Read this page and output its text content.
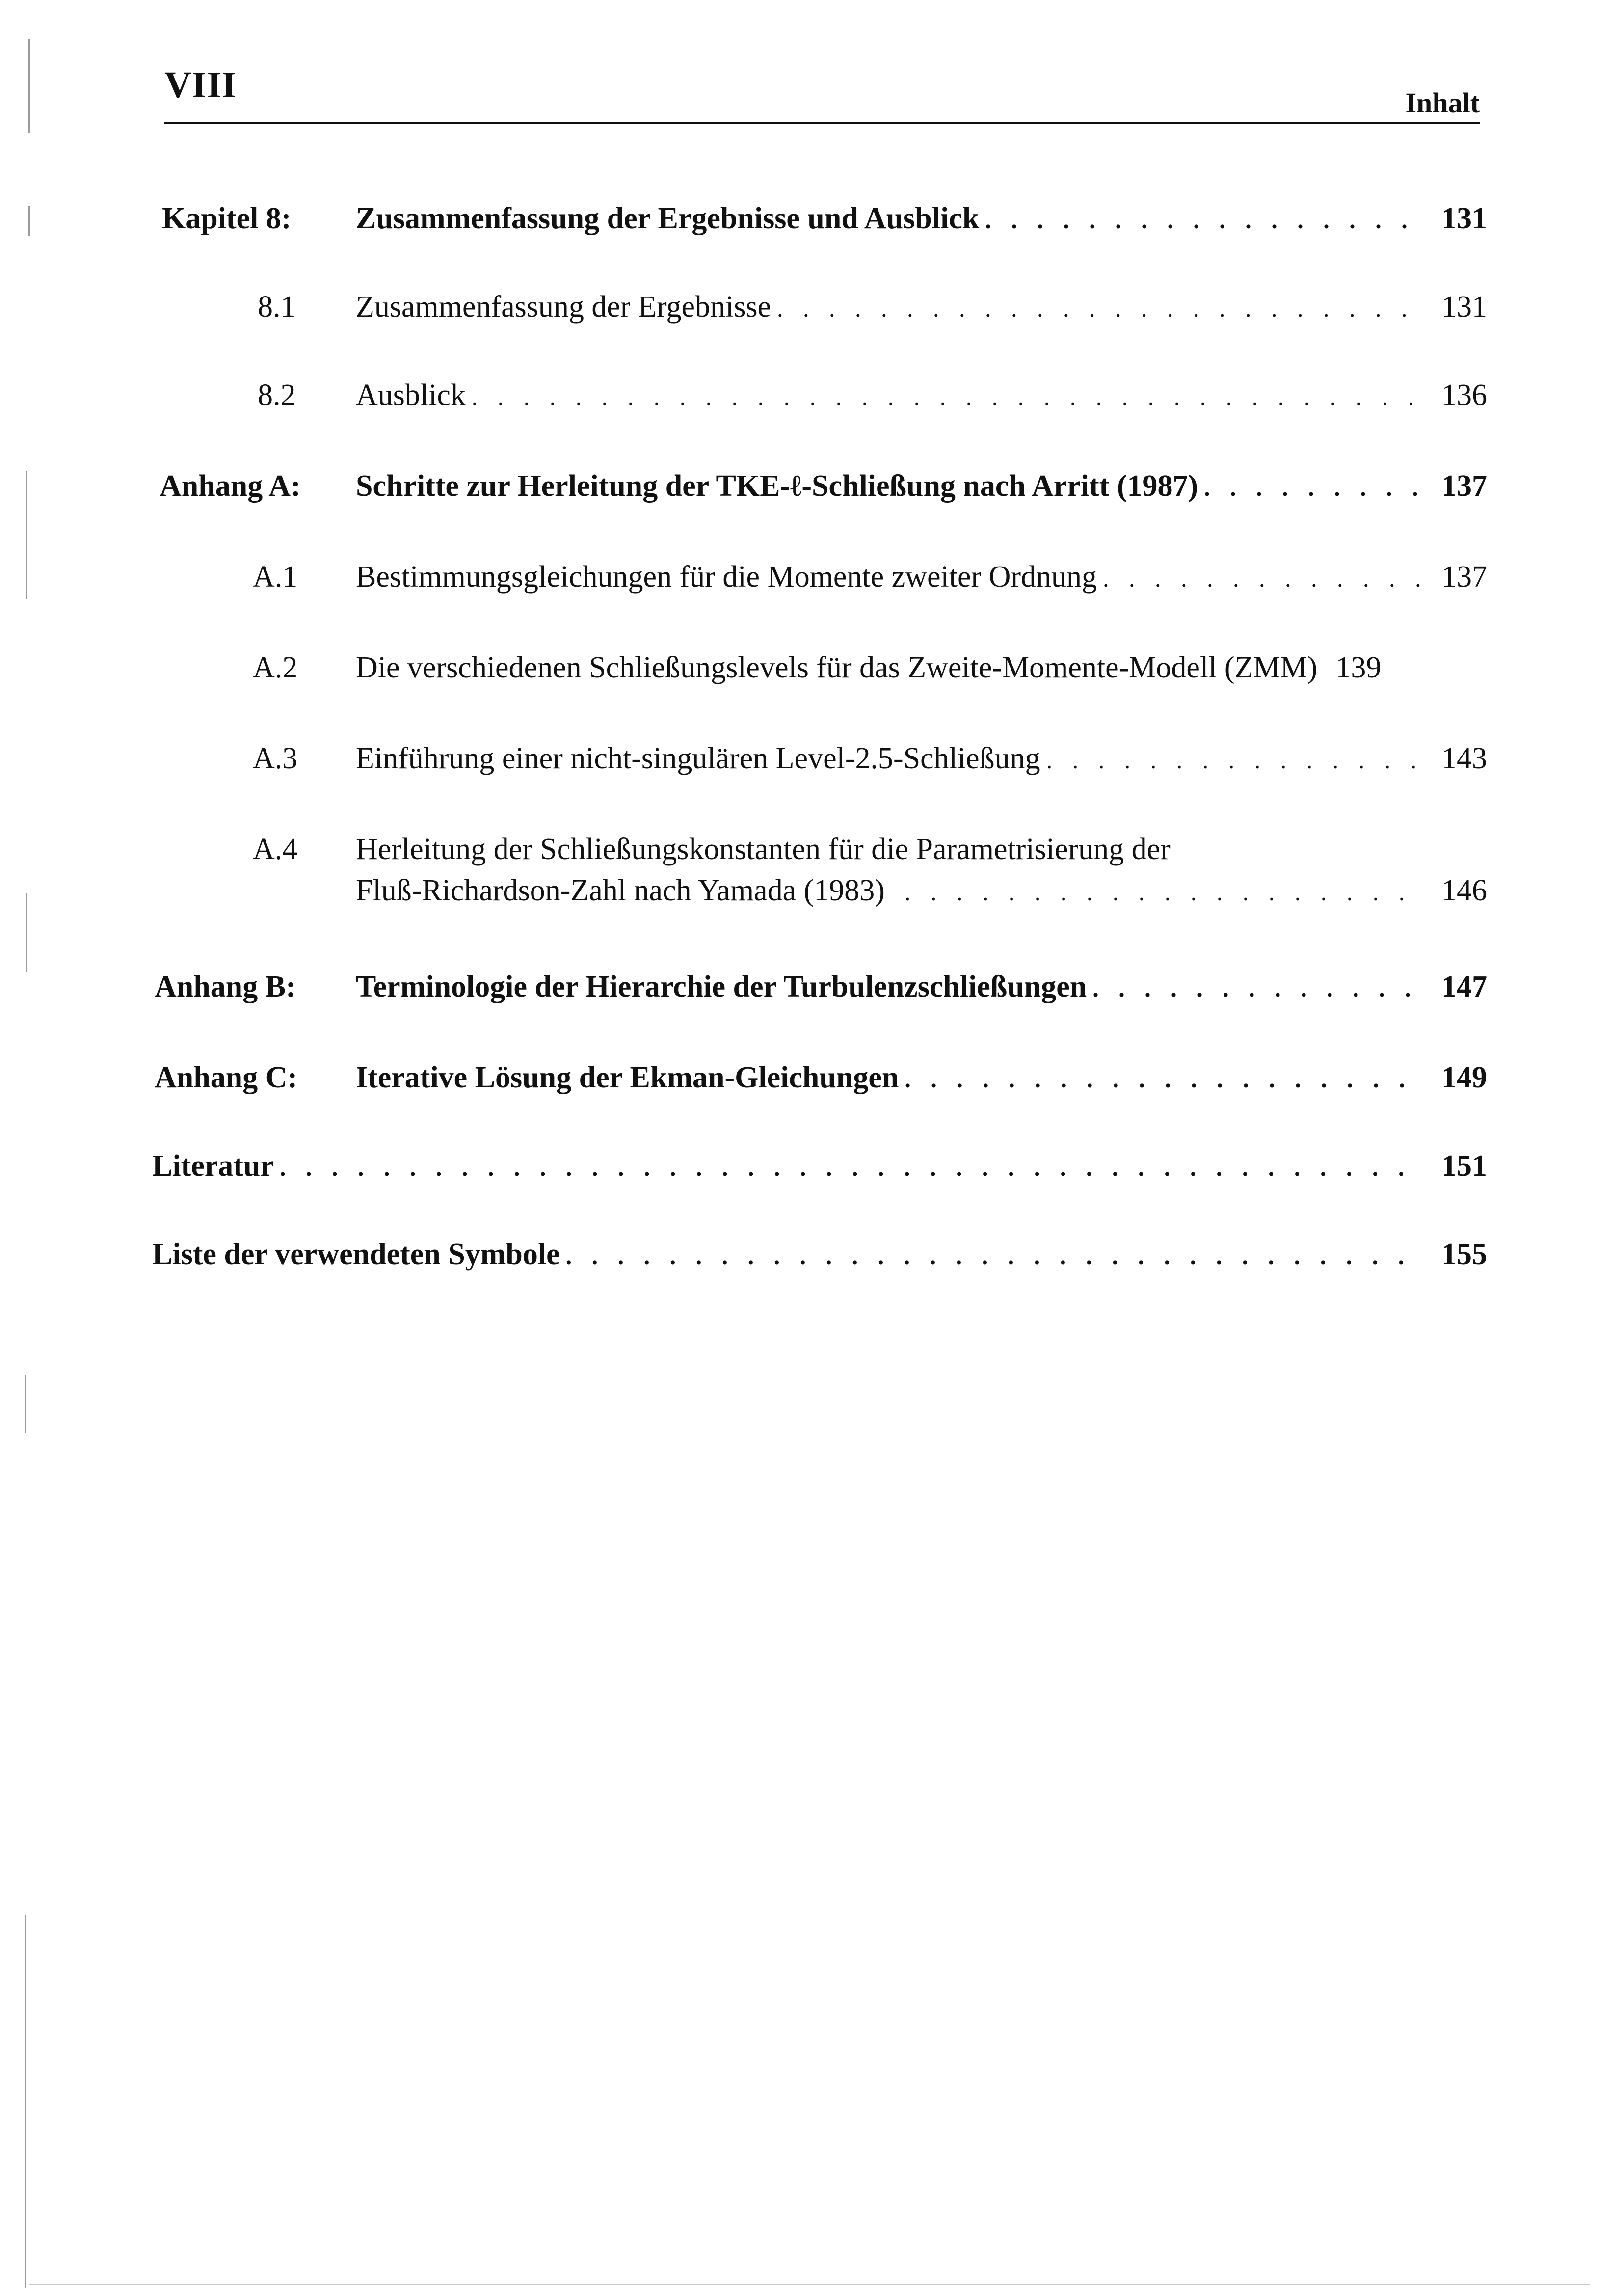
VIII	Inhalt
Kapitel 8: Zusammenfassung der Ergebnisse und Ausblick . . .	131
8.1 Zusammenfassung der Ergebnisse . . .	131
8.2 Ausblick . . .	136
Anhang A: Schritte zur Herleitung der TKE-ℓ-Schließung nach Arritt (1987) . . .	137
A.1 Bestimmungsgleichungen für die Momente zweiter Ordnung . . .	137
A.2 Die verschiedenen Schließungslevels für das Zweite-Momente-Modell (ZMM) 139
A.3 Einführung einer nicht-singulären Level-2.5-Schließung . . .	143
A.4 Herleitung der Schließungskonstanten für die Parametrisierung der
Fluß-Richardson-Zahl nach Yamada (1983) . . .	146
Anhang B: Terminologie der Hierarchie der Turbulenzschließungen . . .	147
Anhang C: Iterative Lösung der Ekman-Gleichungen . . .	149
Literatur . . .	151
Liste der verwendeten Symbole . . .	155
